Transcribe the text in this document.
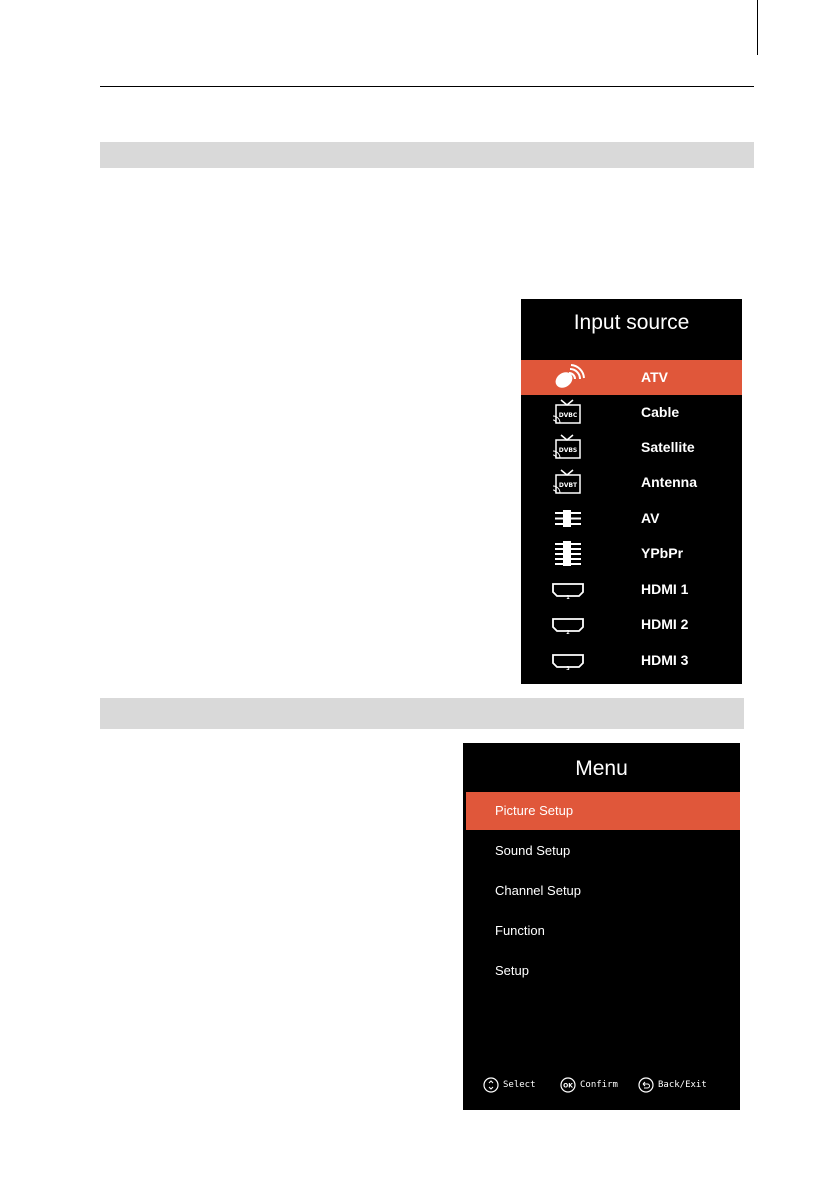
Input source
ATV
DVBC	Cable
DVBS	Satellite
DVBT	Antenna
AV
YPbPr
1
HDMI 1
2
HDMI 2
3
HDMI 3
Menu
Picture Setup
Sound Setup
Channel Setup
Function
Setup
Select	OK Confirm	Back/Exit
